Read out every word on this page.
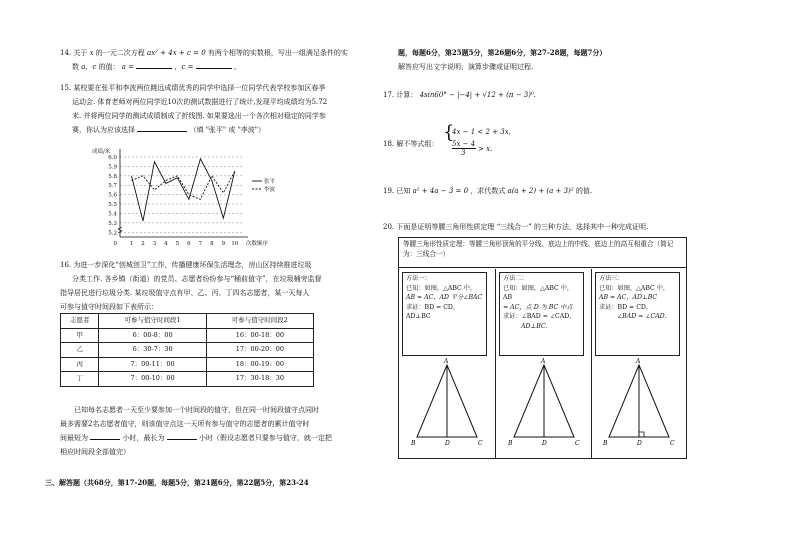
14. 关于 x 的一元二次方程 ax² + 4x + c = 0 有两个相等的实数根，写出一组满足条件的实
数 a，c 的值： a =	，c =	。
15. 某校要在张平和李波两位跳远成绩优秀的同学中选择一位同学代表学校参加区春季
运动会. 体育老师对两位同学近10次的测试数据进行了统计,发现平均成绩均为5.72
米. 并将两位同学的测试成绩制成了折线图. 如果要选出一个各次相对稳定的同学参
赛，你认为应该选择	（填 "张平" 或 "李波"）
5.2
5.3
5.4
5.5
5.6
5.7
5.8
5.9
6.0
成绩/米
1 2 3 4 5 6 7 8 9 10
0	次数顺序
张平
李波
16. 为进一步深化“创城创卫”工作，传播健康环保生活理念，房山区持续推进垃圾
分类工作. 各乡镇（街道）的党员、志愿者纷纷参与“桶前值守”，在垃圾桶旁监督
指导居民进行垃圾分类. 某垃圾值守点有甲、乙、丙、丁四名志愿者，某一天每人
可参与值守时间段如下表所示：
志愿者	可参与值守时间段1	可参与值守时间段2
甲	6：00-8：00	16：00-18：00
乙	6：30-7：30	17：00-20：00
丙	7：00-11：00	18：00-19：00
丁	7：00-10：00	17：30-18：30
已知每名志愿者一天至少要参加一个时间段的值守，但在同一时间段值守点同时
最多需要2名志愿者值守，则该值守点这一天所有参与值守的志愿者的累计值守时
间最短为	小时，最长为	小时（假设志愿者只要参与值守，就一定把
相应时间段全部值完）
三、解答题（共68分，第17-20题，每题5分，第21题6分，第22题5分，第23-24
题，每题6分，第25题5分，第26题6分，第27-28题，每题7分）
解答应写出文字说明、演算步骤或证明过程.
17. 计算： 4sin60° − |−4| + √12 + (π − 3)⁰.
18. 解不等式组：
{
4x − 1 < 2 + 3x,
5x − 4
3 > x.
19. 已知 a² + 4a − 3 = 0 ，求代数式 a(a + 2) + (a + 3)² 的值.
20. 下面是证明等腰三角形性质定理 “三线合一” 的三种方法，选择其中一种完成证明.
等腰三角形性质定理：等腰三角形顶角的平分线、底边上的中线、底边上的高互相重合（简记为：三线合一）
方法一：
已知：如图，△ABC 中，
AB = AC，AD 平分∠BAC
求证：BD = CD，AD⊥BC
A
B	D	C
方法二：
已知：如图，△ABC 中，AB
= AC，点 D 为 BC 中点
求证：∠BAD = ∠CAD，
AD⊥BC.
A
B	D	C
方法三：
已知：如图，△ABC 中，
AB = AC，AD⊥BC
求证：BD = CD，
∠BAD = ∠CAD.
A
B	D	C
